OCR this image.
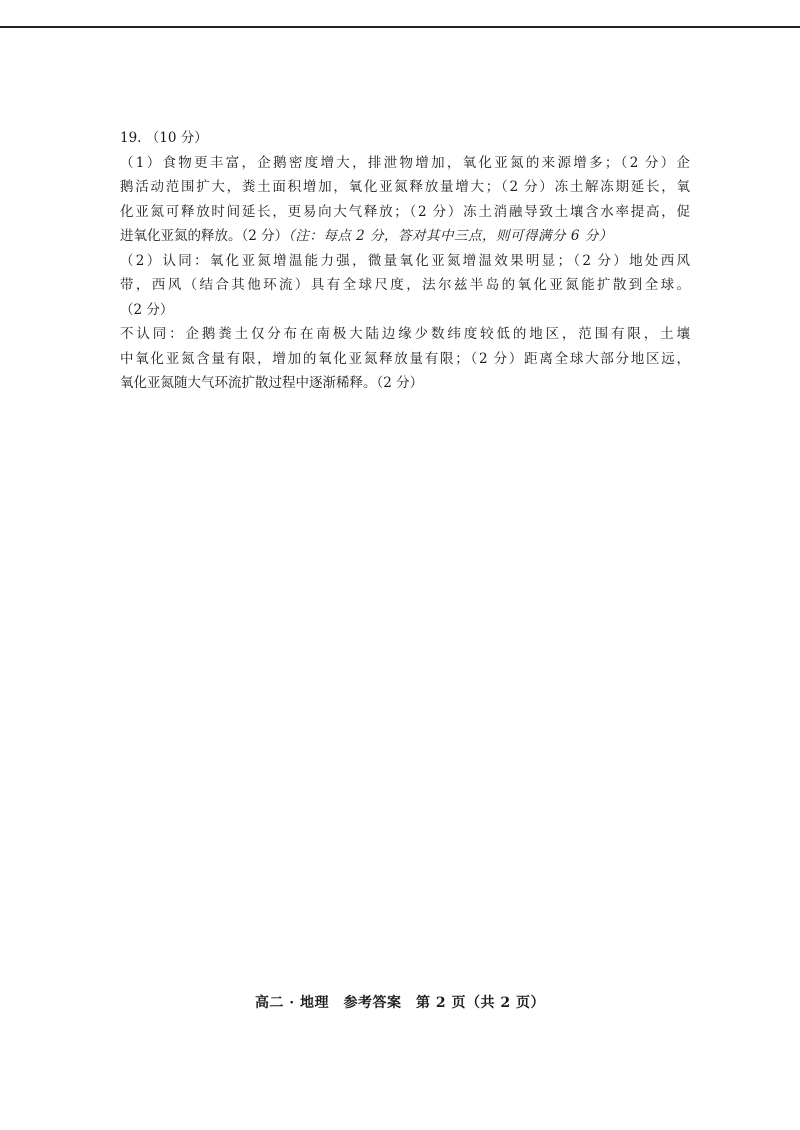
19. （10 分）

（1）食物更丰富，企鹅密度增大，排泄物增加，氧化亚氮的来源增多；（2 分）企
鹅活动范围扩大，粪土面积增加，氧化亚氮释放量增大；（2 分）冻土解冻期延长，氧
化亚氮可释放时间延长，更易向大气释放；（2 分）冻土消融导致土壤含水率提高，促
进氧化亚氮的释放。（2 分）（注：每点 2 分，答对其中三点，则可得满分 6 分）
（2）认同：氧化亚氮增温能力强，微量氧化亚氮增温效果明显；（2 分）地处西风
带，西风（结合其他环流）具有全球尺度，法尔兹半岛的氧化亚氮能扩散到全球。
（2 分）
不认同：企鹅粪土仅分布在南极大陆边缘少数纬度较低的地区，范围有限，土壤
中氧化亚氮含量有限，增加的氧化亚氮释放量有限；（2 分）距离全球大部分地区远，
氧化亚氮随大气环流扩散过程中逐渐稀释。（2 分）
高二 · 地理　参考答案　第 2 页（共 2 页）
